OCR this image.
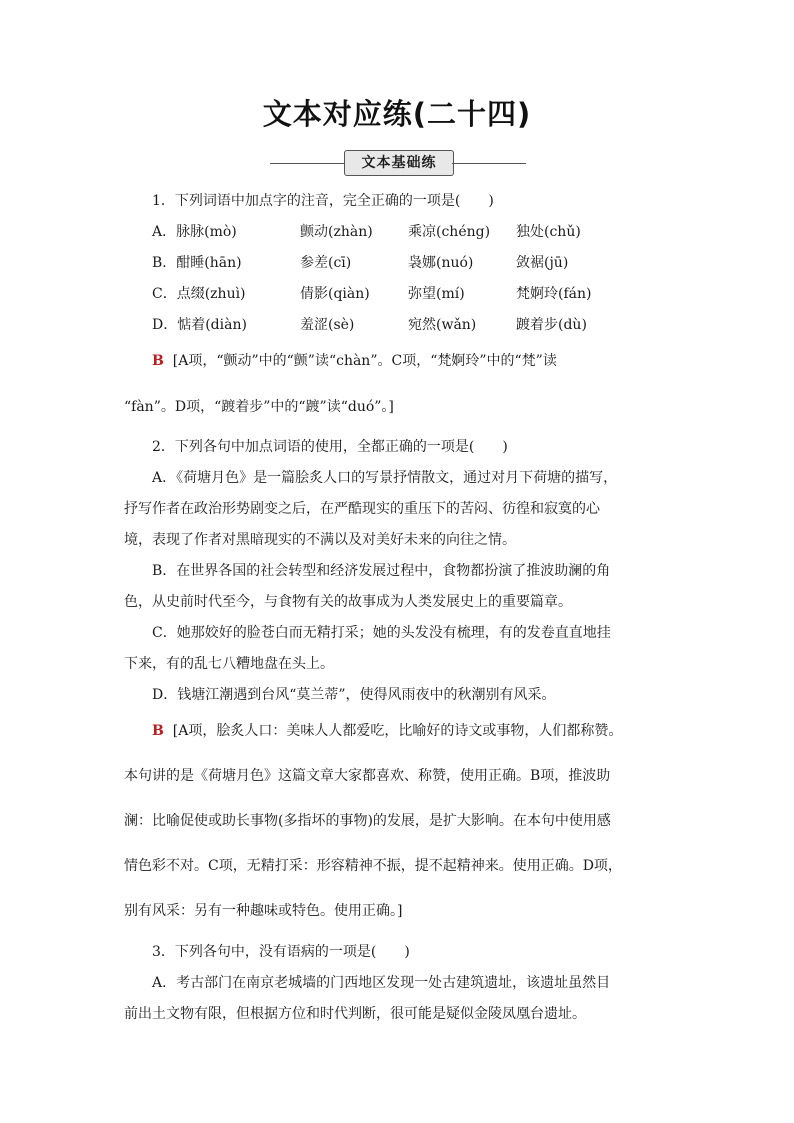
文本对应练(二十四)
文本基础练
1．下列词语中加点字的注音，完全正确的一项是(　　)
A．脉脉(mò)	颤动(zhàn)	乘凉(chéng) 独处(chǔ)
B．酣睡(hān)	参差(cī)	袅娜(nuó)	敛裾(jū)
C．点缀(zhuì)	倩影(qiàn)	弥望(mí)	梵婀玲(fán)
D．惦着(diàn)	羞涩(sè)	宛然(wǎn)	踱着步(dù)
B [A项，“颤动”中的“颤”读“chàn”。C项，“梵婀玲”中的“梵”读
“fàn”。D项，“踱着步”中的“踱”读“duó”。]
2．下列各句中加点词语的使用，全都正确的一项是(　　)
A．《荷塘月色》是一篇脍炙人口的写景抒情散文，通过对月下荷塘的描写，
抒写作者在政治形势剧变之后，在严酷现实的重压下的苦闷、彷徨和寂寞的心
境，表现了作者对黑暗现实的不满以及对美好未来的向往之情。
B．在世界各国的社会转型和经济发展过程中，食物都扮演了推波助澜的角
色，从史前时代至今，与食物有关的故事成为人类发展史上的重要篇章。
C．她那姣好的脸苍白而无精打采；她的头发没有梳理，有的发卷直直地挂
下来，有的乱七八糟地盘在头上。
D．钱塘江潮遇到台风“莫兰蒂”，使得风雨夜中的秋潮别有风采。
B [A项，脍炙人口：美味人人都爱吃，比喻好的诗文或事物，人们都称赞。
本句讲的是《荷塘月色》这篇文章大家都喜欢、称赞，使用正确。B项，推波助
澜：比喻促使或助长事物(多指坏的事物)的发展，是扩大影响。在本句中使用感
情色彩不对。C项，无精打采：形容精神不振，提不起精神来。使用正确。D项，
别有风采：另有一种趣味或特色。使用正确。]
3．下列各句中，没有语病的一项是(　　)
A．考古部门在南京老城墙的门西地区发现一处古建筑遗址，该遗址虽然目
前出土文物有限，但根据方位和时代判断，很可能是疑似金陵凤凰台遗址。
